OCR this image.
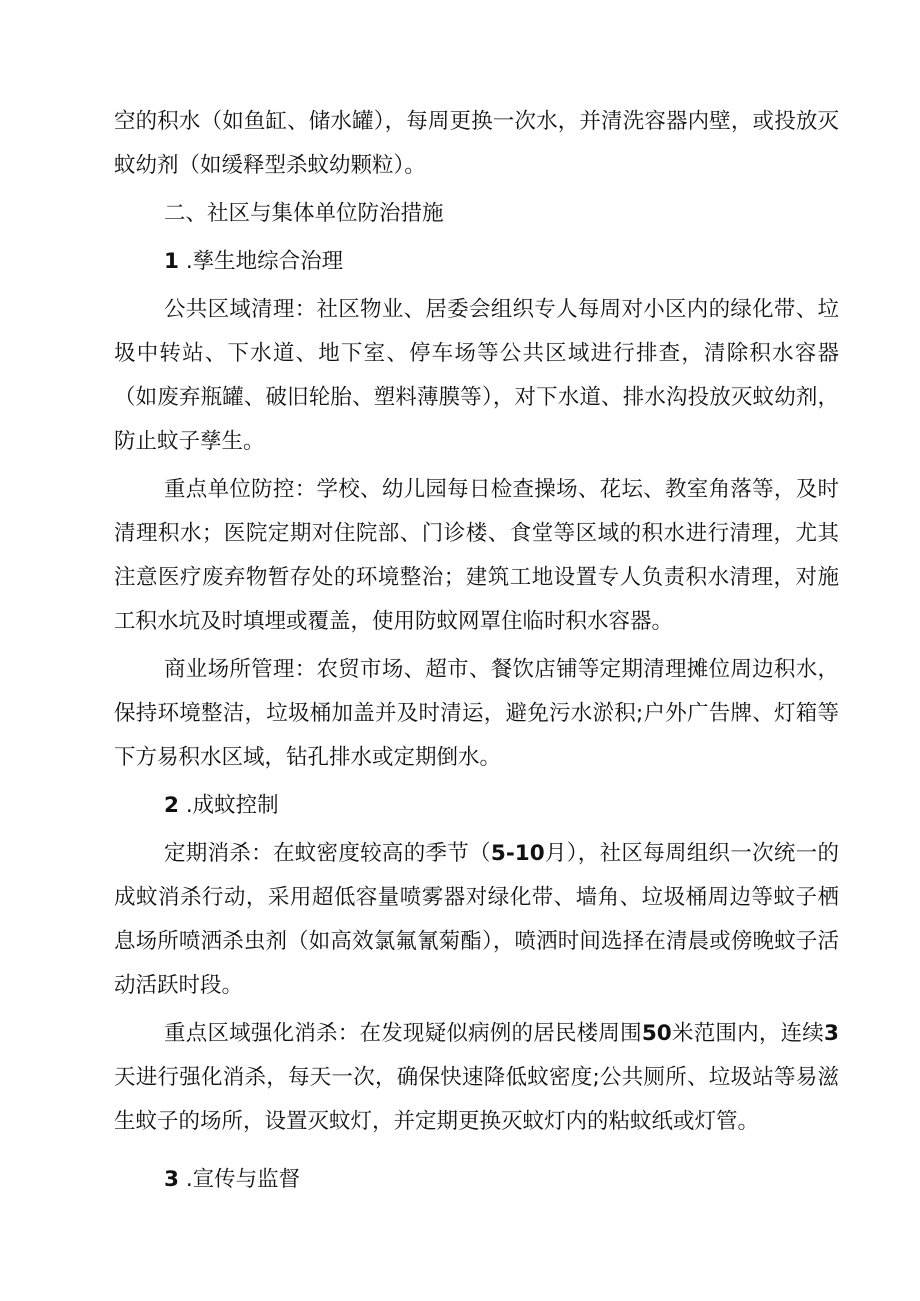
空的积水（如鱼缸、储水罐），每周更换一次水，并清洗容器内壁，或投放灭蚊幼剂（如缓释型杀蚊幼颗粒）。

二、社区与集体单位防治措施

1 .孳生地综合治理

公共区域清理：社区物业、居委会组织专人每周对小区内的绿化带、垃圾中转站、下水道、地下室、停车场等公共区域进行排查，清除积水容器（如废弃瓶罐、破旧轮胎、塑料薄膜等），对下水道、排水沟投放灭蚊幼剂，防止蚊子孳生。

重点单位防控：学校、幼儿园每日检查操场、花坛、教室角落等，及时清理积水；医院定期对住院部、门诊楼、食堂等区域的积水进行清理，尤其注意医疗废弃物暂存处的环境整治；建筑工地设置专人负责积水清理，对施工积水坑及时填埋或覆盖，使用防蚊网罩住临时积水容器。

商业场所管理：农贸市场、超市、餐饮店铺等定期清理摊位周边积水，保持环境整洁，垃圾桶加盖并及时清运，避免污水淤积;户外广告牌、灯箱等下方易积水区域，钻孔排水或定期倒水。

2 .成蚊控制

定期消杀：在蚊密度较高的季节（5-10月），社区每周组织一次统一的成蚊消杀行动，采用超低容量喷雾器对绿化带、墙角、垃圾桶周边等蚊子栖息场所喷洒杀虫剂（如高效氯氟氰菊酯），喷洒时间选择在清晨或傍晚蚊子活动活跃时段。

重点区域强化消杀：在发现疑似病例的居民楼周围50米范围内，连续3天进行强化消杀，每天一次，确保快速降低蚊密度;公共厕所、垃圾站等易滋生蚊子的场所，设置灭蚊灯，并定期更换灭蚊灯内的粘蚊纸或灯管。

3 .宣传与监督
